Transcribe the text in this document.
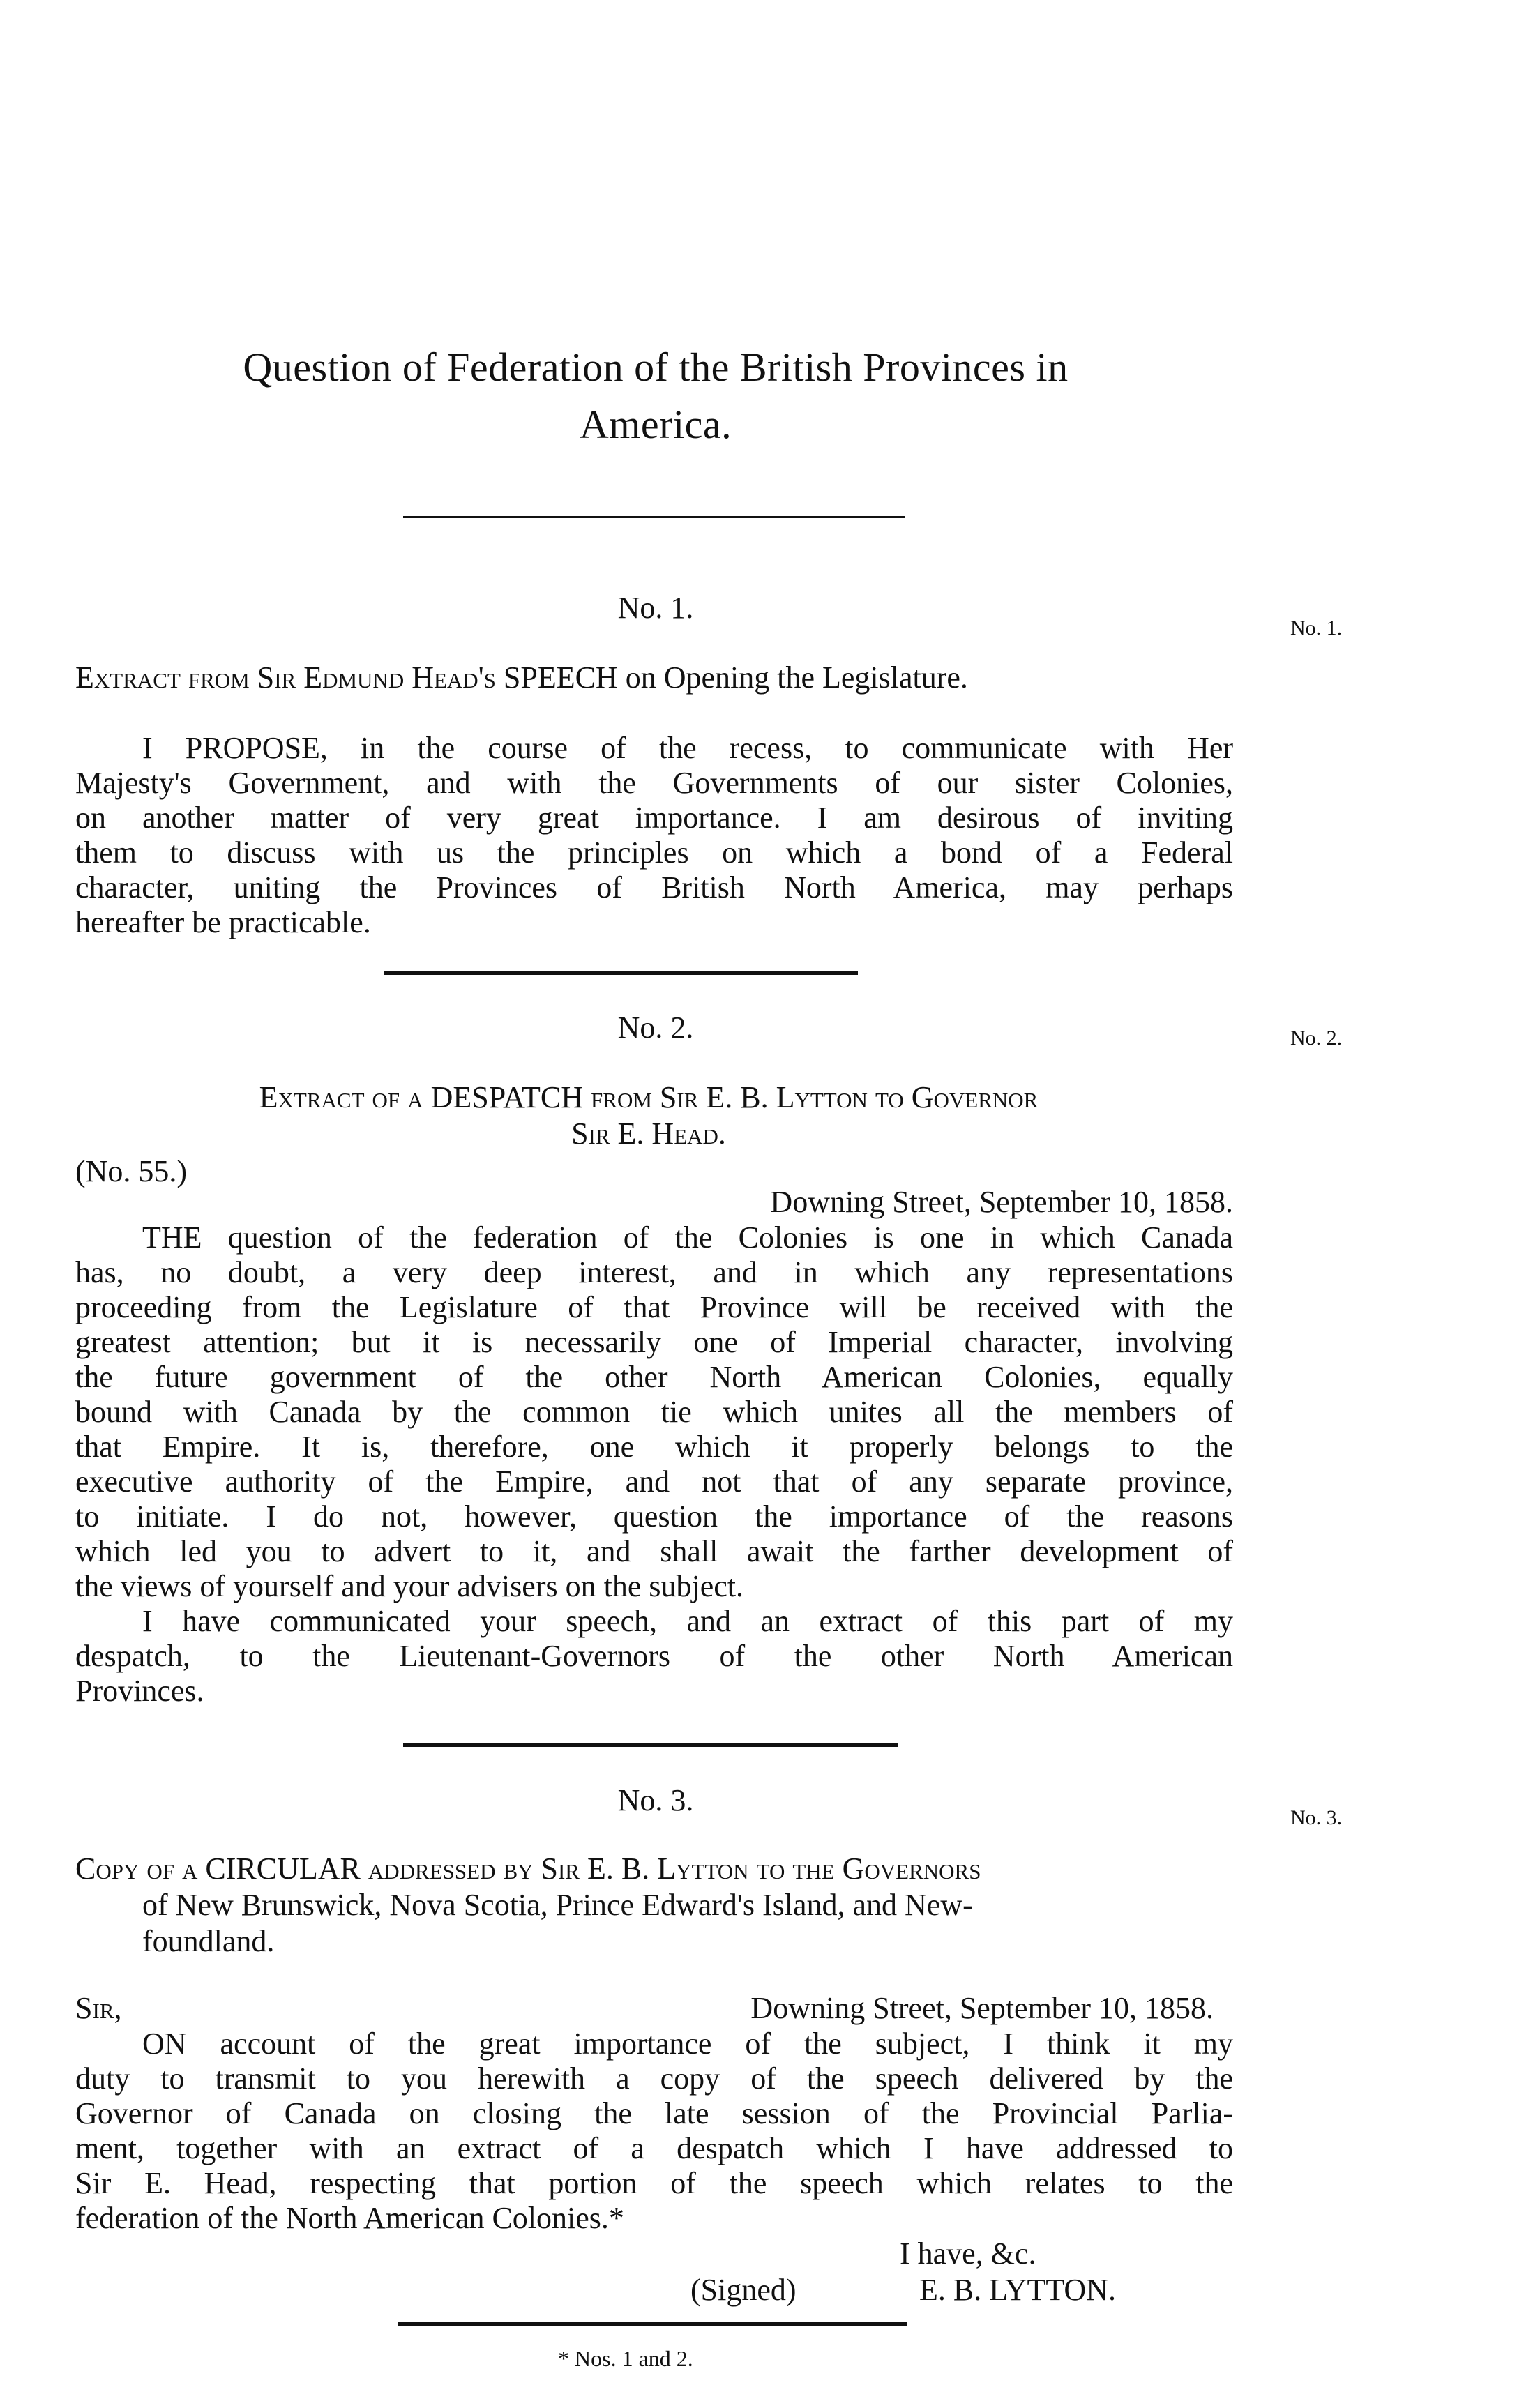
Question of Federation of the British Provinces in
America.
No. 1.
No. 1.
Extract from Sir Edmund Head's SPEECH on Opening the Legislature.
I PROPOSE, in the course of the recess, to communicate with Her
Majesty's Government, and with the Governments of our sister Colonies,
on another matter of very great importance. I am desirous of inviting
them to discuss with us the principles on which a bond of a Federal
character, uniting the Provinces of British North America, may perhaps
hereafter be practicable.
No. 2.	No. 2.
Extract of a DESPATCH from Sir E. B. Lytton to Governor
Sir E. Head.
(No. 55.)
Downing Street, September 10, 1858.
THE question of the federation of the Colonies is one in which Canada
has, no doubt, a very deep interest, and in which any representations
proceeding from the Legislature of that Province will be received with the
greatest attention; but it is necessarily one of Imperial character, involving
the future government of the other North American Colonies, equally
bound with Canada by the common tie which unites all the members of
that Empire. It is, therefore, one which it properly belongs to the
executive authority of the Empire, and not that of any separate province,
to initiate. I do not, however, question the importance of the reasons
which led you to advert to it, and shall await the farther development of
the views of yourself and your advisers on the subject.
I have communicated your speech, and an extract of this part of my
despatch, to the Lieutenant-Governors of the other North American
Provinces.
No. 3.
No. 3.
Copy of a CIRCULAR addressed by Sir E. B. Lytton to the Governors
of New Brunswick, Nova Scotia, Prince Edward's Island, and New-
foundland.
Sir,	Downing Street, September 10, 1858.
ON account of the great importance of the subject, I think it my
duty to transmit to you herewith a copy of the speech delivered by the
Governor of Canada on closing the late session of the Provincial Parlia-
ment, together with an extract of a despatch which I have addressed to
Sir E. Head, respecting that portion of the speech which relates to the
federation of the North American Colonies.*
I have, &c.
(Signed)	E. B. LYTTON.
* Nos. 1 and 2.
